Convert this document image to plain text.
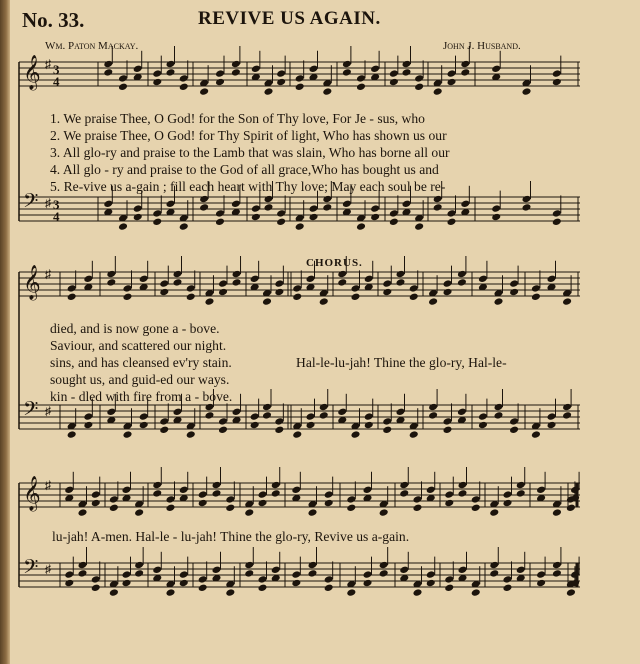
No. 33.	REVIVE US AGAIN.
Wm. Paton Mackay.	John J. Husband.
𝄞 ♯ 3
4
𝄢 ♯ 3
4
𝄞 ♯
𝄢 ♯
𝄞 ♯
𝄢 ♯
1. We praise Thee, O God! for the Son of Thy love, For Je - sus, who
2. We praise Thee, O God! for Thy Spirit of light, Who has shown us our
3. All glo-ry and praise to the Lamb that was slain, Who has borne all our
4. All glo - ry and praise to the God of all grace,Who has bought us and
5. Re-vive us a-gain ; fill each heart with Thy love; May each soul be re-
CHORUS.
died, and is now gone a - bove.
Saviour, and scattered our night.
sins, and has cleansed ev'ry stain.
sought us, and guid-ed our ways.
kin - dled with fire from a - bove.
Hal-le-lu-jah! Thine the glo-ry, Hal-le-
lu-jah! A-men. Hal-le - lu-jah! Thine the glo-ry, Revive us a-gain.
